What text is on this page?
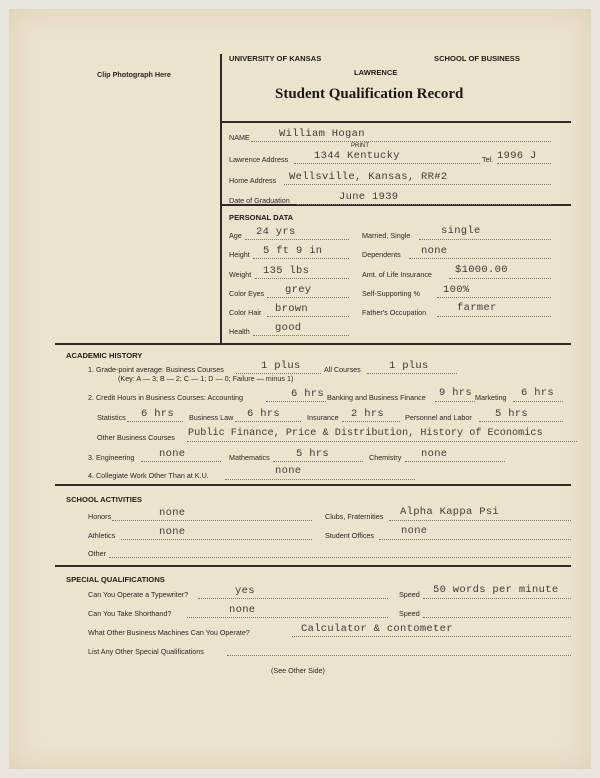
Clip Photograph Here
UNIVERSITY OF KANSAS
LAWRENCE
SCHOOL OF BUSINESS
Student Qualification Record
NAME	William Hogan
PRINT
Lawrence Address 1344 Kentucky	Tel. 1996 J
Home Address Wellsville, Kansas, RR#2
Date of Graduation	June 1939
PERSONAL DATA
Age 24 yrs	Married, Single	single
Height 5 ft 9 in	Dependents none
Weight 135 lbs	Amt. of Life Insurance $1000.00
Color Eyes grey	Self-Supporting % 100%
Color Hair brown	Father's Occupation	farmer
Health good
ACADEMIC HISTORY
1. Grade-point average: Business Courses	1 plus	All Courses	1 plus
(Key: A — 3; B — 2; C — 1; D — 0; Failure — minus 1)
2. Credit Hours in Business Courses: Accounting	6 hrs Banking and Business Finance 9 hrs Marketing 6 hrs
Statistics 6 hrs Business Law 6 hrs	Insurance 2 hrs	Personnel and Labor 5 hrs
Other Business Courses Public Finance, Price & Distribution, History of Economics
3. Engineering none	Mathematics	5 hrs	Chemistry none
4. Collegiate Work Other Than at K.U.	none
SCHOOL ACTIVITIES
Honors	none	Clubs, Fraternities Alpha Kappa Psi
Athletics	none	Student Offices	none
Other
SPECIAL QUALIFICATIONS
Can You Operate a Typewriter?	yes	Speed 50 words per minute
Can You Take Shorthand?	none	Speed
What Other Business Machines Can You Operate?	Calculator & contometer
List Any Other Special Qualifications
(See Other Side)
